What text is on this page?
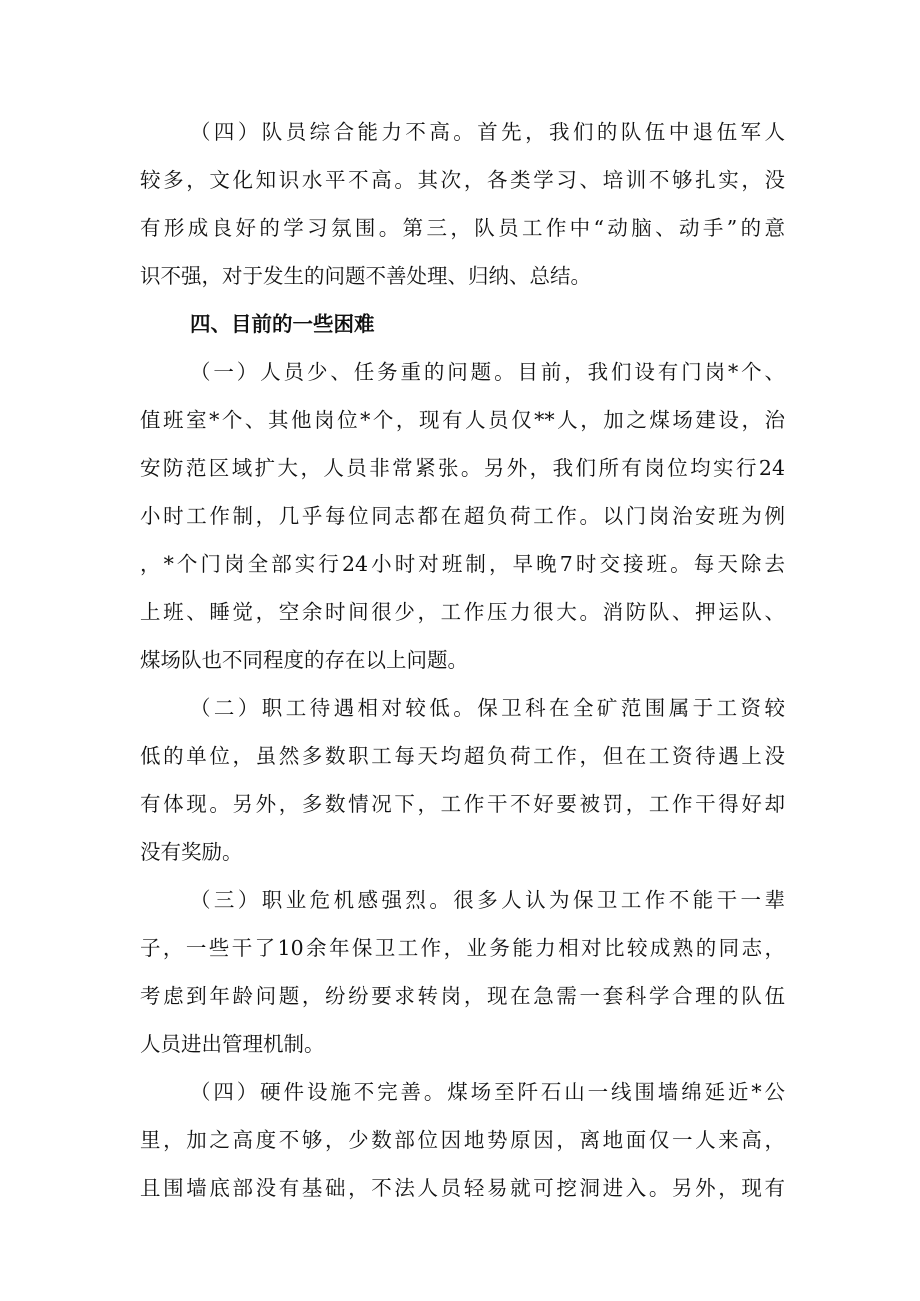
（四）队员综合能力不高。首先，我们的队伍中退伍军人
较多，文化知识水平不高。其次，各类学习、培训不够扎实，没
有形成良好的学习氛围。第三，队员工作中“动脑、动手”的意
识不强，对于发生的问题不善处理、归纳、总结。
四、目前的一些困难
（一）人员少、任务重的问题。目前，我们设有门岗*个、
值班室*个、其他岗位*个，现有人员仅**人，加之煤场建设，治
安防范区域扩大，人员非常紧张。另外，我们所有岗位均实行24
小时工作制，几乎每位同志都在超负荷工作。以门岗治安班为例
，*个门岗全部实行24小时对班制，早晚7时交接班。每天除去
上班、睡觉，空余时间很少，工作压力很大。消防队、押运队、
煤场队也不同程度的存在以上问题。
（二）职工待遇相对较低。保卫科在全矿范围属于工资较
低的单位，虽然多数职工每天均超负荷工作，但在工资待遇上没
有体现。另外，多数情况下，工作干不好要被罚，工作干得好却
没有奖励。
（三）职业危机感强烈。很多人认为保卫工作不能干一辈
子，一些干了10余年保卫工作，业务能力相对比较成熟的同志，
考虑到年龄问题，纷纷要求转岗，现在急需一套科学合理的队伍
人员进出管理机制。
（四）硬件设施不完善。煤场至阡石山一线围墙绵延近*公
里，加之高度不够，少数部位因地势原因，离地面仅一人来高，
且围墙底部没有基础，不法人员轻易就可挖洞进入。另外，现有
